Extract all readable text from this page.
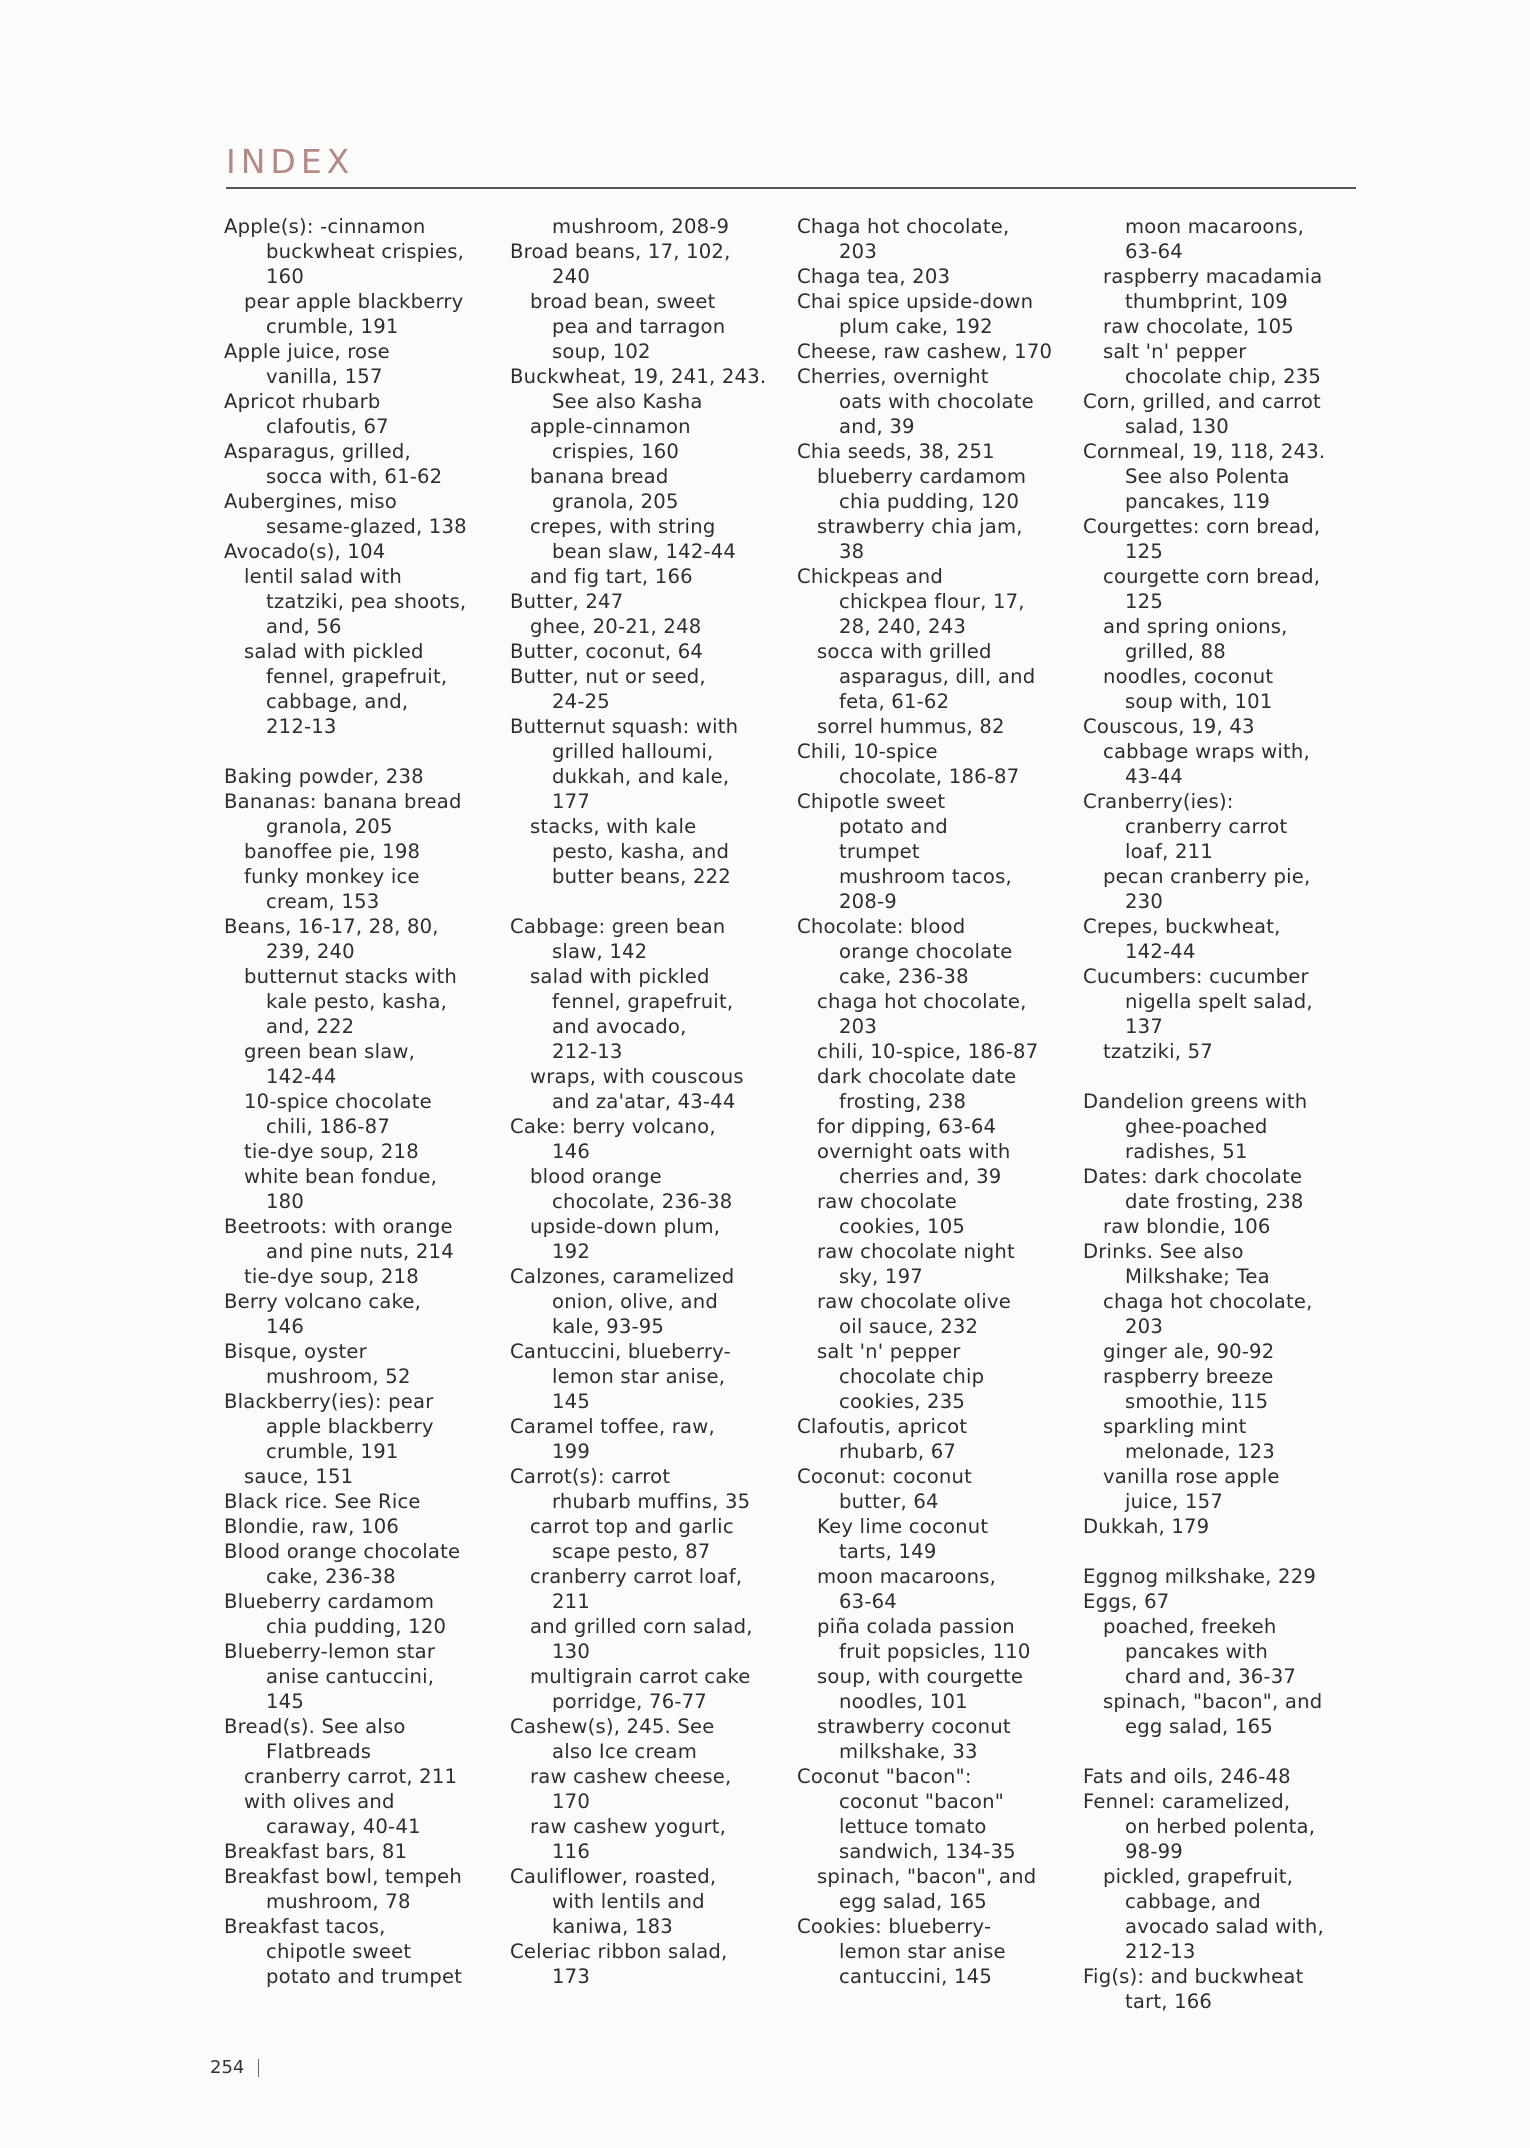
INDEX
Apple(s): -cinnamon
buckwheat crispies,
160
pear apple blackberry
crumble, 191
Apple juice, rose
vanilla, 157
Apricot rhubarb
clafoutis, 67
Asparagus, grilled,
socca with, 61-62
Aubergines, miso
sesame-glazed, 138
Avocado(s), 104
lentil salad with
tzatziki, pea shoots,
and, 56
salad with pickled
fennel, grapefruit,
cabbage, and,
212-13
Baking powder, 238
Bananas: banana bread
granola, 205
banoffee pie, 198
funky monkey ice
cream, 153
Beans, 16-17, 28, 80,
239, 240
butternut stacks with
kale pesto, kasha,
and, 222
green bean slaw,
142-44
10-spice chocolate
chili, 186-87
tie-dye soup, 218
white bean fondue,
180
Beetroots: with orange
and pine nuts, 214
tie-dye soup, 218
Berry volcano cake,
146
Bisque, oyster
mushroom, 52
Blackberry(ies): pear
apple blackberry
crumble, 191
sauce, 151
Black rice. See Rice
Blondie, raw, 106
Blood orange chocolate
cake, 236-38
Blueberry cardamom
chia pudding, 120
Blueberry-lemon star
anise cantuccini,
145
Bread(s). See also
Flatbreads
cranberry carrot, 211
with olives and
caraway, 40-41
Breakfast bars, 81
Breakfast bowl, tempeh
mushroom, 78
Breakfast tacos,
chipotle sweet
potato and trumpet
mushroom, 208-9
Broad beans, 17, 102,
240
broad bean, sweet
pea and tarragon
soup, 102
Buckwheat, 19, 241, 243.
See also Kasha
apple-cinnamon
crispies, 160
banana bread
granola, 205
crepes, with string
bean slaw, 142-44
and fig tart, 166
Butter, 247
ghee, 20-21, 248
Butter, coconut, 64
Butter, nut or seed,
24-25
Butternut squash: with
grilled halloumi,
dukkah, and kale,
177
stacks, with kale
pesto, kasha, and
butter beans, 222
Cabbage: green bean
slaw, 142
salad with pickled
fennel, grapefruit,
and avocado,
212-13
wraps, with couscous
and za'atar, 43-44
Cake: berry volcano,
146
blood orange
chocolate, 236-38
upside-down plum,
192
Calzones, caramelized
onion, olive, and
kale, 93-95
Cantuccini, blueberry-
lemon star anise,
145
Caramel toffee, raw,
199
Carrot(s): carrot
rhubarb muffins, 35
carrot top and garlic
scape pesto, 87
cranberry carrot loaf,
211
and grilled corn salad,
130
multigrain carrot cake
porridge, 76-77
Cashew(s), 245. See
also Ice cream
raw cashew cheese,
170
raw cashew yogurt,
116
Cauliflower, roasted,
with lentils and
kaniwa, 183
Celeriac ribbon salad,
173
Chaga hot chocolate,
203
Chaga tea, 203
Chai spice upside-down
plum cake, 192
Cheese, raw cashew, 170
Cherries, overnight
oats with chocolate
and, 39
Chia seeds, 38, 251
blueberry cardamom
chia pudding, 120
strawberry chia jam,
38
Chickpeas and
chickpea flour, 17,
28, 240, 243
socca with grilled
asparagus, dill, and
feta, 61-62
sorrel hummus, 82
Chili, 10-spice
chocolate, 186-87
Chipotle sweet
potato and
trumpet
mushroom tacos,
208-9
Chocolate: blood
orange chocolate
cake, 236-38
chaga hot chocolate,
203
chili, 10-spice, 186-87
dark chocolate date
frosting, 238
for dipping, 63-64
overnight oats with
cherries and, 39
raw chocolate
cookies, 105
raw chocolate night
sky, 197
raw chocolate olive
oil sauce, 232
salt 'n' pepper
chocolate chip
cookies, 235
Clafoutis, apricot
rhubarb, 67
Coconut: coconut
butter, 64
Key lime coconut
tarts, 149
moon macaroons,
63-64
piña colada passion
fruit popsicles, 110
soup, with courgette
noodles, 101
strawberry coconut
milkshake, 33
Coconut "bacon":
coconut "bacon"
lettuce tomato
sandwich, 134-35
spinach, "bacon", and
egg salad, 165
Cookies: blueberry-
lemon star anise
cantuccini, 145
moon macaroons,
63-64
raspberry macadamia
thumbprint, 109
raw chocolate, 105
salt 'n' pepper
chocolate chip, 235
Corn, grilled, and carrot
salad, 130
Cornmeal, 19, 118, 243.
See also Polenta
pancakes, 119
Courgettes: corn bread,
125
courgette corn bread,
125
and spring onions,
grilled, 88
noodles, coconut
soup with, 101
Couscous, 19, 43
cabbage wraps with,
43-44
Cranberry(ies):
cranberry carrot
loaf, 211
pecan cranberry pie,
230
Crepes, buckwheat,
142-44
Cucumbers: cucumber
nigella spelt salad,
137
tzatziki, 57
Dandelion greens with
ghee-poached
radishes, 51
Dates: dark chocolate
date frosting, 238
raw blondie, 106
Drinks. See also
Milkshake; Tea
chaga hot chocolate,
203
ginger ale, 90-92
raspberry breeze
smoothie, 115
sparkling mint
melonade, 123
vanilla rose apple
juice, 157
Dukkah, 179
Eggnog milkshake, 229
Eggs, 67
poached, freekeh
pancakes with
chard and, 36-37
spinach, "bacon", and
egg salad, 165
Fats and oils, 246-48
Fennel: caramelized,
on herbed polenta,
98-99
pickled, grapefruit,
cabbage, and
avocado salad with,
212-13
Fig(s): and buckwheat
tart, 166
254
